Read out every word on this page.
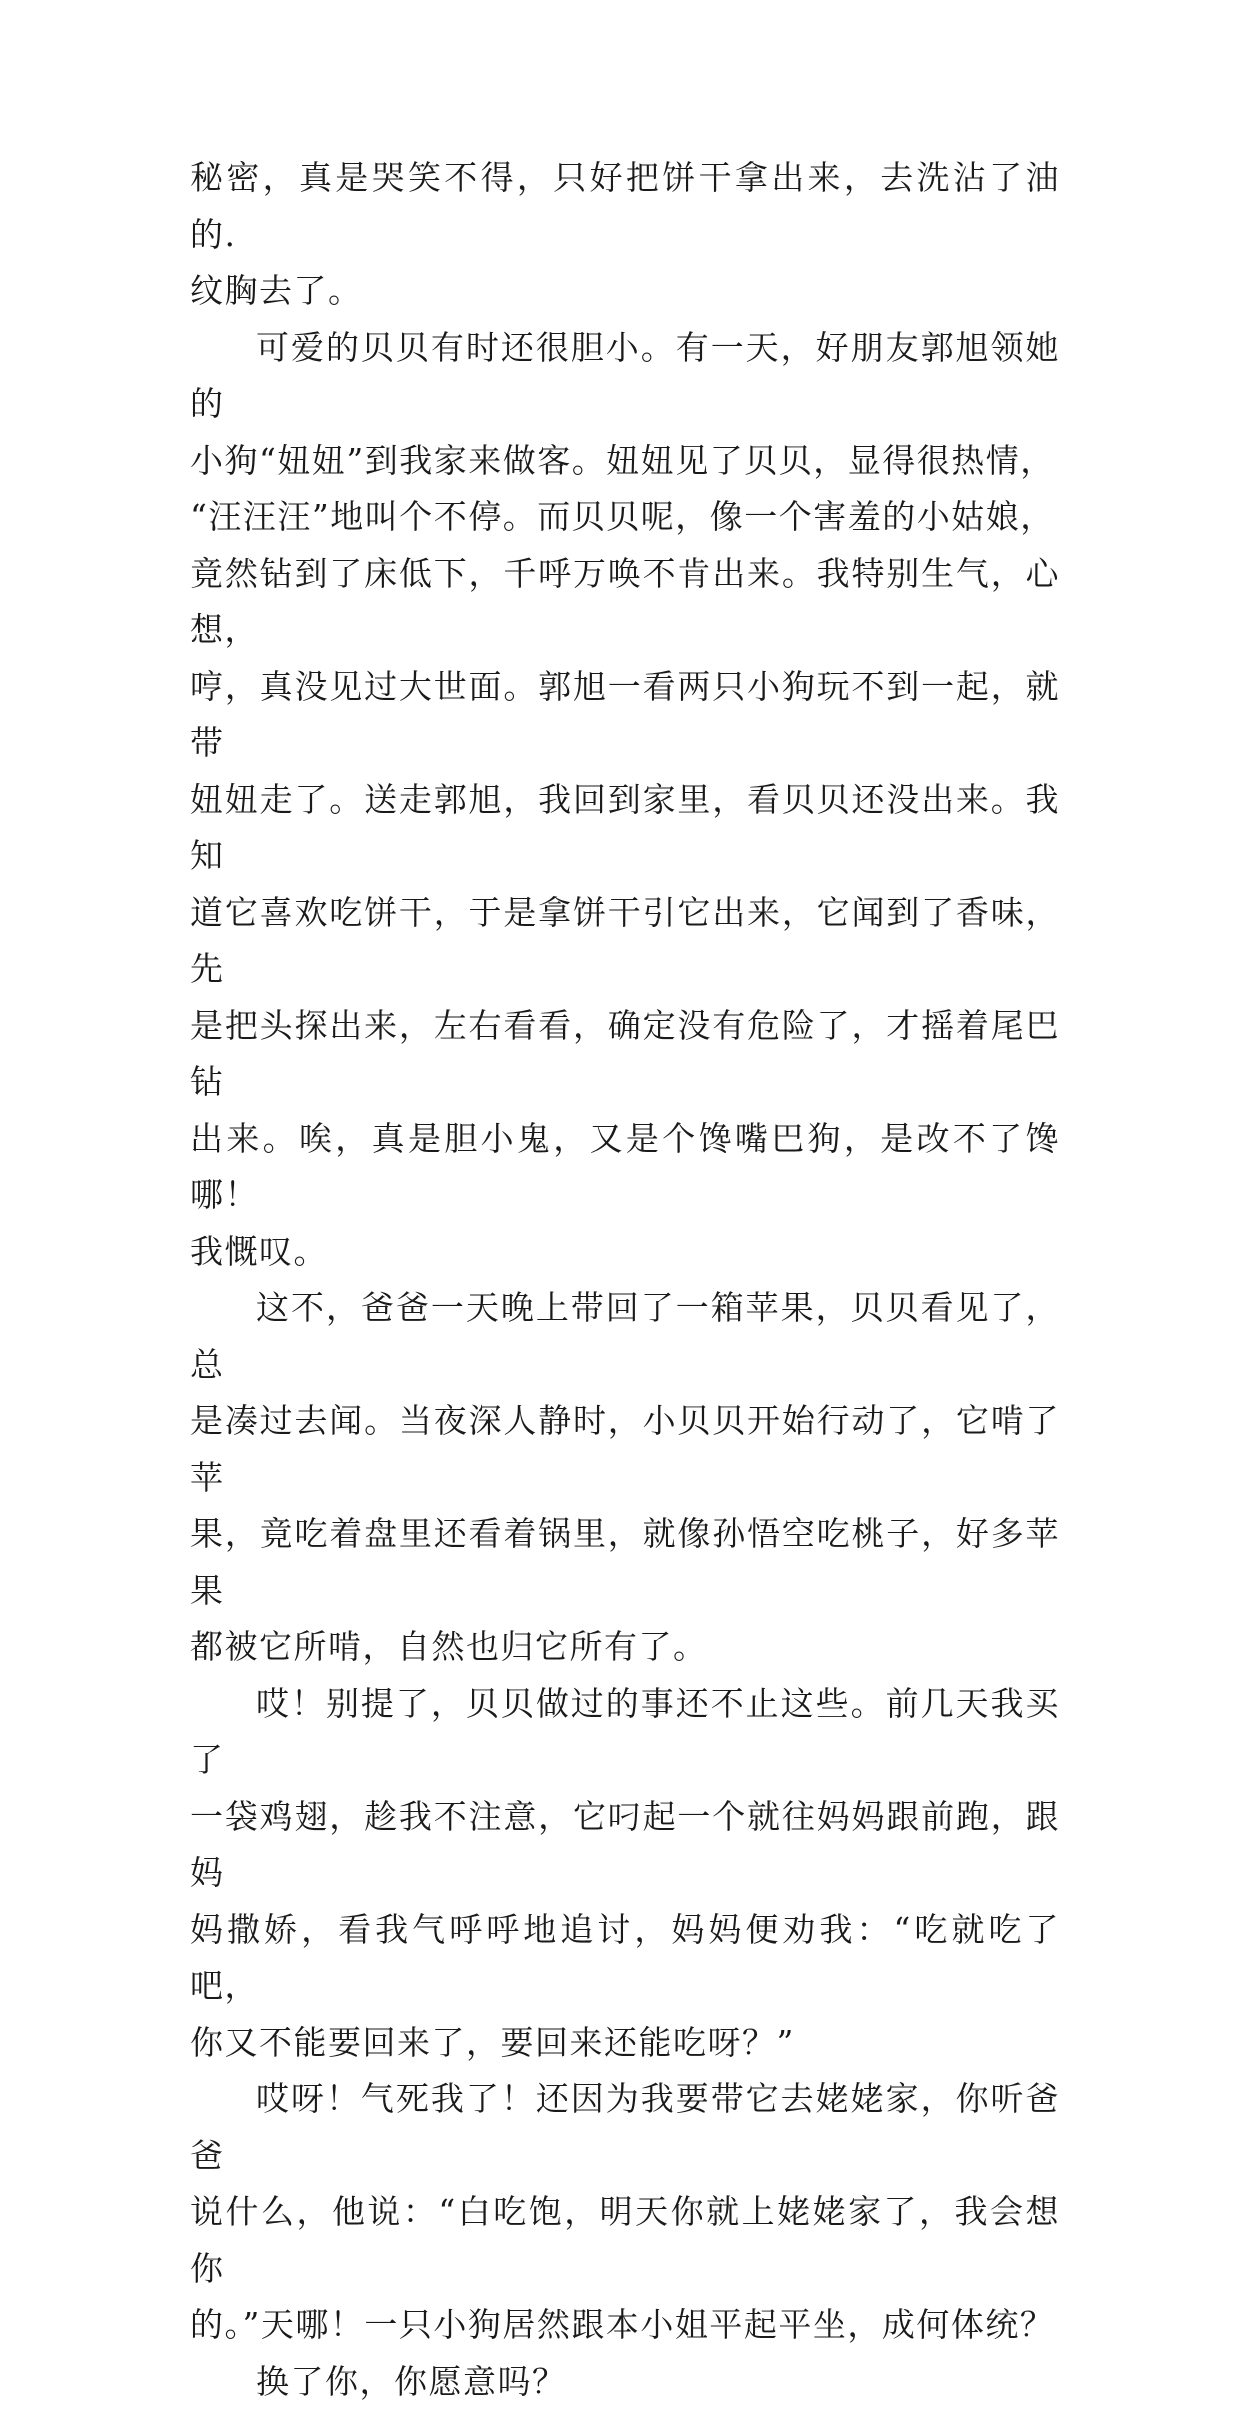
秘密，真是哭笑不得，只好把饼干拿出来，去洗沾了油的.
纹胸去了。

可爱的贝贝有时还很胆小。有一天，好朋友郭旭领她的
小狗“妞妞”到我家来做客。妞妞见了贝贝，显得很热情，
“汪汪汪”地叫个不停。而贝贝呢，像一个害羞的小姑娘，
竟然钻到了床低下，千呼万唤不肯出来。我特别生气，心想，
哼，真没见过大世面。郭旭一看两只小狗玩不到一起，就带
妞妞走了。送走郭旭，我回到家里，看贝贝还没出来。我知
道它喜欢吃饼干，于是拿饼干引它出来，它闻到了香味，先
是把头探出来，左右看看，确定没有危险了，才摇着尾巴钻
出来。唉，真是胆小鬼，又是个馋嘴巴狗，是改不了馋哪！
我慨叹。

这不，爸爸一天晚上带回了一箱苹果，贝贝看见了，总
是凑过去闻。当夜深人静时，小贝贝开始行动了，它啃了苹
果，竟吃着盘里还看着锅里，就像孙悟空吃桃子，好多苹果
都被它所啃，自然也归它所有了。

哎！别提了，贝贝做过的事还不止这些。前几天我买了
一袋鸡翅，趁我不注意，它叼起一个就往妈妈跟前跑，跟妈
妈撒娇，看我气呼呼地追讨，妈妈便劝我：“吃就吃了吧，
你又不能要回来了，要回来还能吃呀？”

哎呀！气死我了！还因为我要带它去姥姥家，你听爸爸
说什么，他说：“白吃饱，明天你就上姥姥家了，我会想你
的。”天哪！一只小狗居然跟本小姐平起平坐，成何体统？

换了你，你愿意吗？
